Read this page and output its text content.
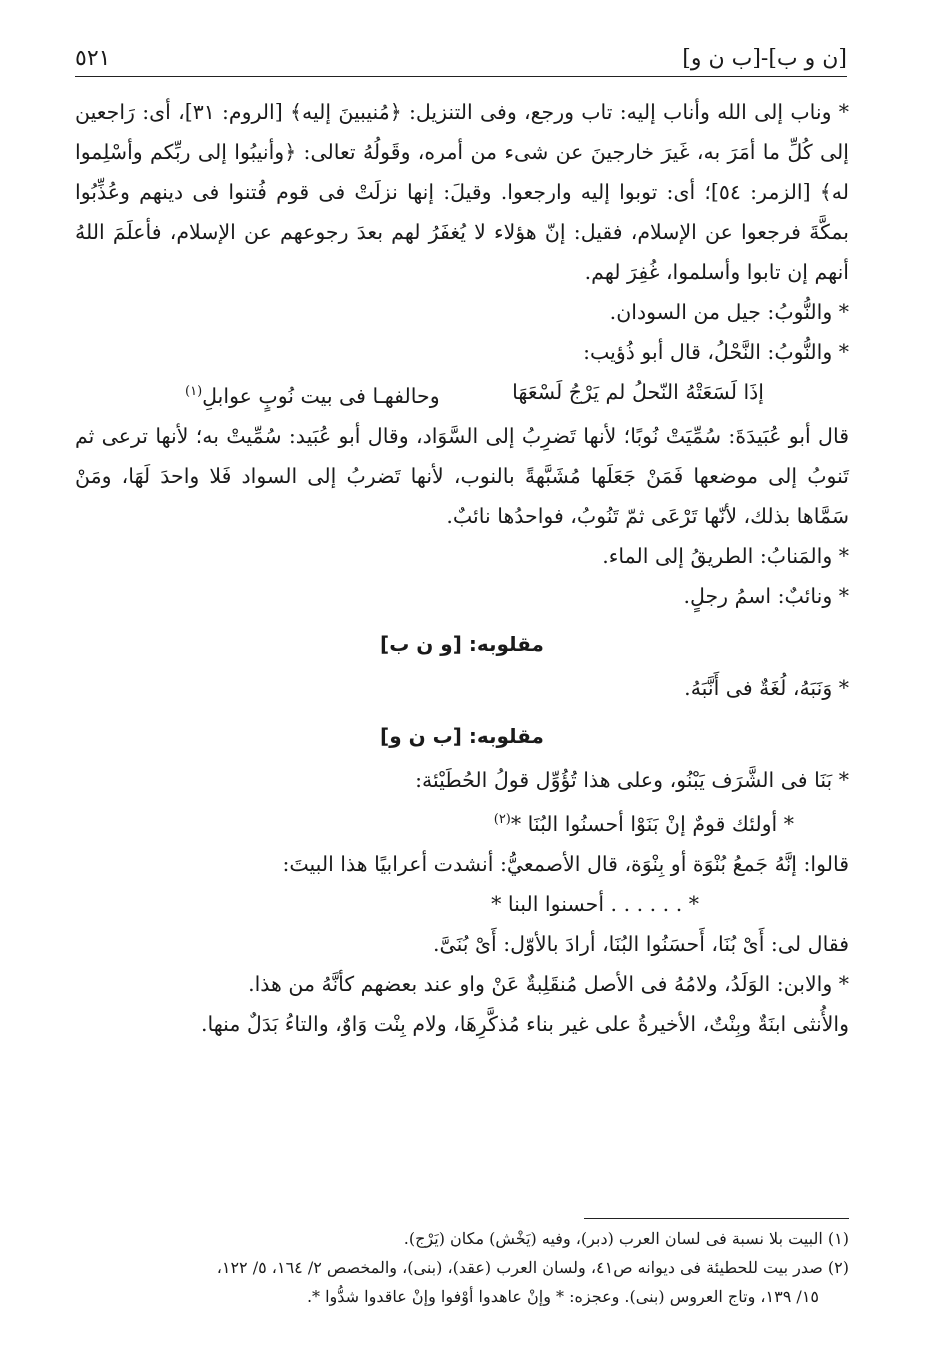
[ن و ب]-[ب ن و]
٥٢١

* وناب إلى الله وأناب إليه: تاب ورجع، وفى التنزيل: ﴿مُنيبينَ إليه﴾ [الروم: ٣١]، أى: رَاجعين إلى كُلِّ ما أمَرَ به، غَيرَ خارجينَ عن شىء من أمره، وقَولُهُ تعالى: ﴿وأنيبُوا إلى ربِّكم وأسْلِموا له﴾ [الزمر: ٥٤]؛ أى: توبوا إليه وارجعوا. وقيلَ: إنها نزلَتْ فى قوم فُتنوا فى دينهم وعُذِّبُوا بمكَّةَ فرجعوا عن الإسلام، فقيل: إنّ هؤلاء لا يُغفَرُ لهم بعدَ رجوعهم عن الإسلام، فأعلَمَ اللهُ أنهم إن تابوا وأسلموا، غُفِرَ لهم.

* والنُّوبُ: جيل من السودان.

* والنُّوبُ: النَّحْلُ، قال أبو ذُؤيب:

إذَا لَسَعَتْهُ النّحلُ لم يَرْجُ لَسْعَهَا
وحالفهـا فى بيت نُوبٍ عوابلِ$^{(١)}$

قال أبو عُبَيدَةَ: سُمِّيَتْ نُوبًا؛ لأنها تَضرِبُ إلى السَّوَاد، وقال أبو عُبَيد: سُمِّيتْ به؛ لأنها ترعى ثم تَنوبُ إلى موضعها فَمَنْ جَعَلَها مُشَبَّهةً بالنوب، لأنها تَضربُ إلى السواد فَلا واحدَ لَهَا، ومَنْ سَمَّاها بذلك، لأنّها تَرْعَى ثمّ تَنُوبُ، فواحدُها نائبٌ.

* والمَنابُ: الطريقُ إلى الماء.

* ونائبٌ: اسمُ رجلٍ.

مقلوبه: [و ن ب]

* وَنَبَهُ، لُغَةٌ فى أَنَّبَهُ.

مقلوبه: [ب ن و]

* بَنَا فى الشَّرَف يَبْنُو، وعلى هذا تُؤُوِّل قولُ الحُطَيْئة:

* أولئك قومٌ إنْ بَنَوْا أحسنُوا البُنَا *$^{(٢)}$

قالوا: إنَّهُ جَمعُ بُنْوَة أو بِنْوَة، قال الأصمعيُّ: أنشدت أعرابيًا هذا البيتَ:

* . . . . . . أحسنوا البنا *

فقال لى: أَىْ بُنَا، أَحسَنُوا البُنَا، أرادَ بالأوّل: أَىْ بُنَىَّ.

* والابن: الوَلَدُ، ولامُهُ فى الأصل مُنقَلِبةٌ عَنْ واو عند بعضهم كأنَّهُ من هذا.

والأُنثى ابنَةٌ وبِنْتٌ، الأخيرةُ على غير بناء مُذكَّرِهَا، ولام بِنْت وَاوٌ، والتاءُ بَدَلٌ منها.

(١) البيت بلا نسبة فى لسان العرب (دبر)، وفيه (يَخْش) مكان (يَرْج).

(٢) صدر بيت للحطيئة فى ديوانه ص٤١، ولسان العرب (عقد)، (بنى)، والمخصص ٢/ ١٦٤، ٥/ ١٢٢،

١٥/ ١٣٩، وتاج العروس (بنى). وعجزه: * وإنْ عاهدوا أوْفوا وإنْ عاقدوا شدُّوا *.
